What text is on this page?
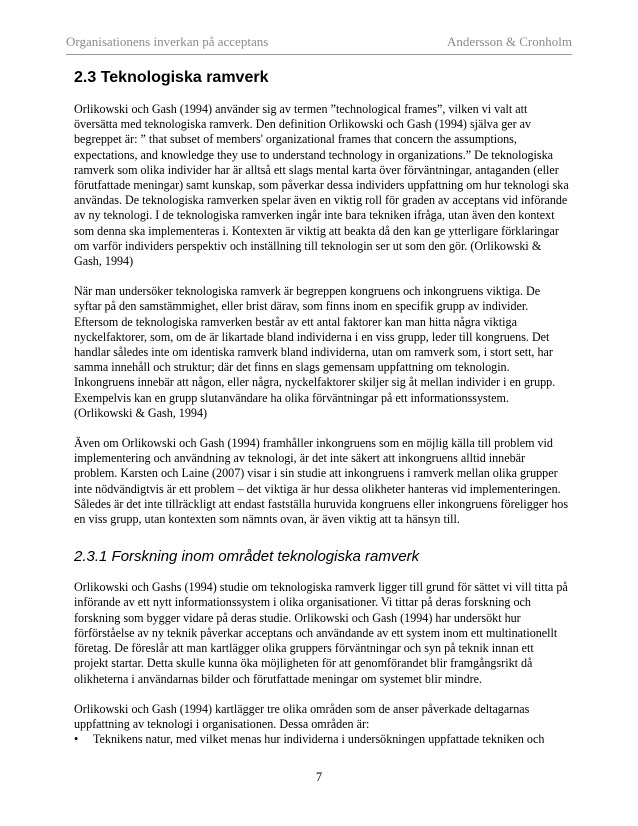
Organisationens inverkan på acceptans	Andersson & Cronholm
2.3 Teknologiska ramverk

Orlikowski och Gash (1994) använder sig av termen ”technological frames”, vilken vi valt att översätta med teknologiska ramverk. Den definition Orlikowski och Gash (1994) själva ger av begreppet är: ” that subset of members' organizational frames that concern the assumptions, expectations, and knowledge they use to understand technology in organizations.” De teknologiska ramverk som olika individer har är alltså ett slags mental karta över förväntningar, antaganden (eller förutfattade meningar) samt kunskap, som påverkar dessa individers uppfattning om hur teknologi ska användas. De teknologiska ramverken spelar även en viktig roll för graden av acceptans vid införande av ny teknologi. I de teknologiska ramverken ingår inte bara tekniken ifråga, utan även den kontext som denna ska implementeras i. Kontexten är viktig att beakta då den kan ge ytterligare förklaringar om varför individers perspektiv och inställning till teknologin ser ut som den gör. (Orlikowski & Gash, 1994)

När man undersöker teknologiska ramverk är begreppen kongruens och inkongruens viktiga. De syftar på den samstämmighet, eller brist därav, som finns inom en specifik grupp av individer. Eftersom de teknologiska ramverken består av ett antal faktorer kan man hitta några viktiga nyckelfaktorer, som, om de är likartade bland individerna i en viss grupp, leder till kongruens. Det handlar således inte om identiska ramverk bland individerna, utan om ramverk som, i stort sett, har samma innehåll och struktur; där det finns en slags gemensam uppfattning om teknologin. Inkongruens innebär att någon, eller några, nyckelfaktorer skiljer sig åt mellan individer i en grupp. Exempelvis kan en grupp slutanvändare ha olika förväntningar på ett informationssystem. (Orlikowski & Gash, 1994)

Även om Orlikowski och Gash (1994) framhåller inkongruens som en möjlig källa till problem vid implementering och användning av teknologi, är det inte säkert att inkongruens alltid innebär problem. Karsten och Laine (2007) visar i sin studie att inkongruens i ramverk mellan olika grupper inte nödvändigtvis är ett problem – det viktiga är hur dessa olikheter hanteras vid implementeringen. Således är det inte tillräckligt att endast fastställa huruvida kongruens eller inkongruens föreligger hos en viss grupp, utan kontexten som nämnts ovan, är även viktig att ta hänsyn till.

2.3.1 Forskning inom området teknologiska ramverk

Orlikowski och Gashs (1994) studie om teknologiska ramverk ligger till grund för sättet vi vill titta på införande av ett nytt informationssystem i olika organisationer. Vi tittar på deras forskning och forskning som bygger vidare på deras studie. Orlikowski och Gash (1994) har undersökt hur förförståelse av ny teknik påverkar acceptans och användande av ett system inom ett multinationellt företag. De föreslår att man kartlägger olika gruppers förväntningar och syn på teknik innan ett projekt startar. Detta skulle kunna öka möjligheten för att genomförandet blir framgångsrikt då olikheterna i användarnas bilder och förutfattade meningar om systemet blir mindre.

Orlikowski och Gash (1994) kartlägger tre olika områden som de anser påverkade deltagarnas uppfattning av teknologi i organisationen. Dessa områden är:

• Teknikens natur, med vilket menas hur individerna i undersökningen uppfattade tekniken och
7
